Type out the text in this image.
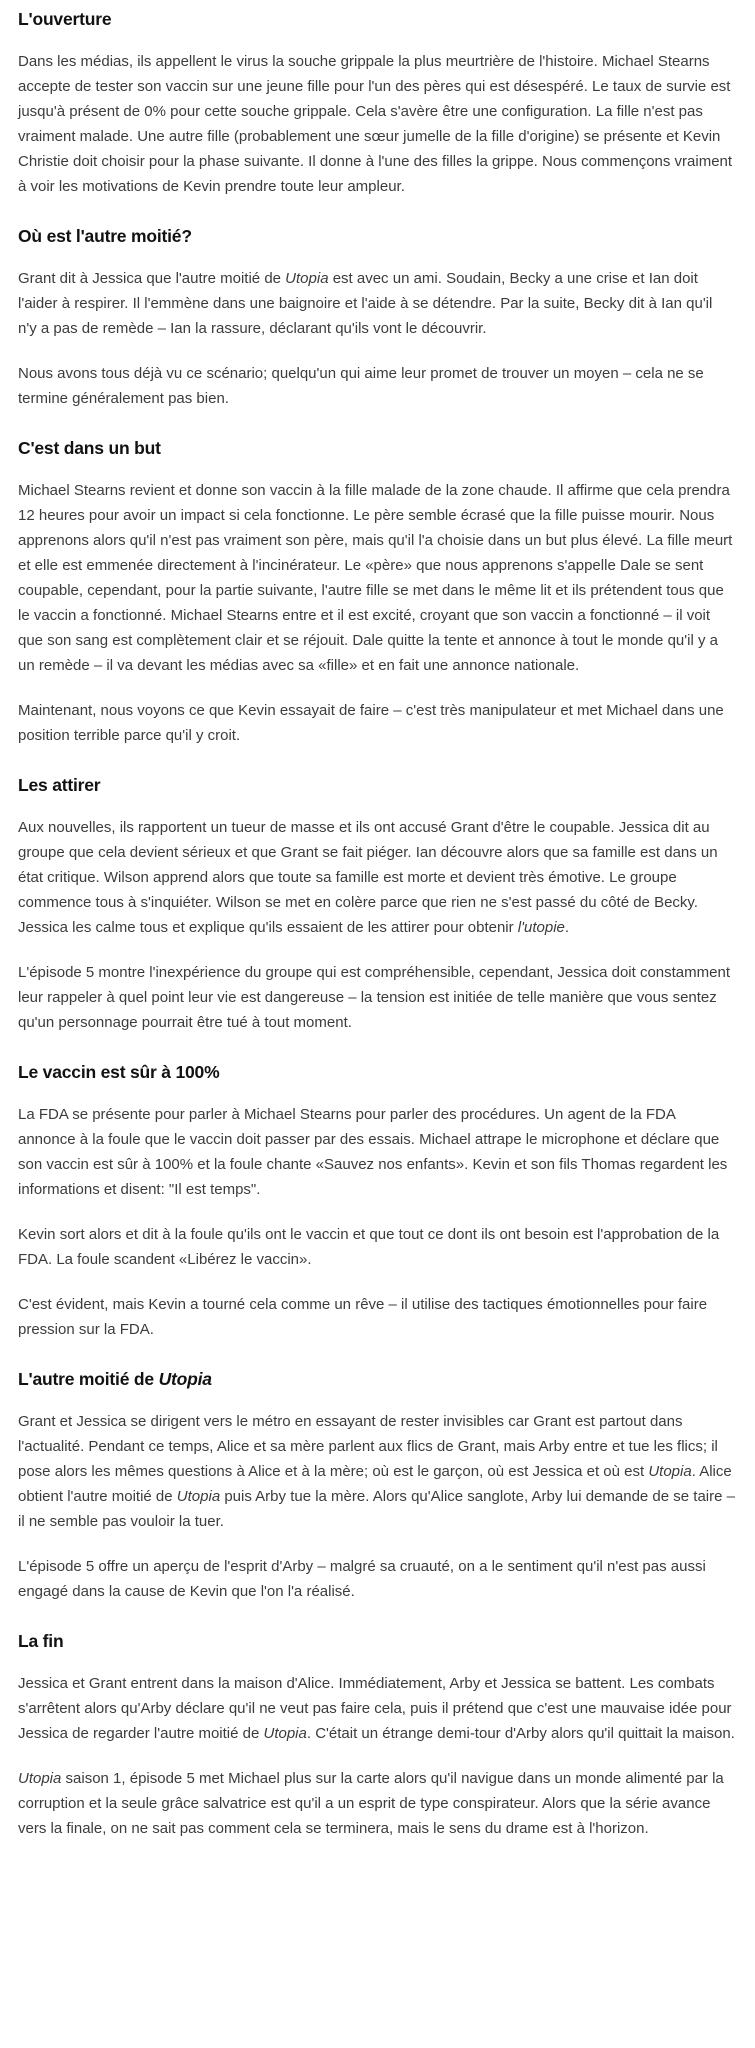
L'ouverture

Dans les médias, ils appellent le virus la souche grippale la plus meurtrière de l'histoire. Michael Stearns accepte de tester son vaccin sur une jeune fille pour l'un des pères qui est désespéré. Le taux de survie est jusqu'à présent de 0% pour cette souche grippale. Cela s'avère être une configuration. La fille n'est pas vraiment malade. Une autre fille (probablement une sœur jumelle de la fille d'origine) se présente et Kevin Christie doit choisir pour la phase suivante. Il donne à l'une des filles la grippe. Nous commençons vraiment à voir les motivations de Kevin prendre toute leur ampleur.

Où est l'autre moitié?

Grant dit à Jessica que l'autre moitié de Utopia est avec un ami. Soudain, Becky a une crise et Ian doit l'aider à respirer. Il l'emmène dans une baignoire et l'aide à se détendre. Par la suite, Becky dit à Ian qu'il n'y a pas de remède – Ian la rassure, déclarant qu'ils vont le découvrir.

Nous avons tous déjà vu ce scénario; quelqu'un qui aime leur promet de trouver un moyen – cela ne se termine généralement pas bien.

C'est dans un but

Michael Stearns revient et donne son vaccin à la fille malade de la zone chaude. Il affirme que cela prendra 12 heures pour avoir un impact si cela fonctionne. Le père semble écrasé que la fille puisse mourir. Nous apprenons alors qu'il n'est pas vraiment son père, mais qu'il l'a choisie dans un but plus élevé. La fille meurt et elle est emmenée directement à l'incinérateur. Le «père» que nous apprenons s'appelle Dale se sent coupable, cependant, pour la partie suivante, l'autre fille se met dans le même lit et ils prétendent tous que le vaccin a fonctionné. Michael Stearns entre et il est excité, croyant que son vaccin a fonctionné – il voit que son sang est complètement clair et se réjouit. Dale quitte la tente et annonce à tout le monde qu'il y a un remède – il va devant les médias avec sa «fille» et en fait une annonce nationale.

Maintenant, nous voyons ce que Kevin essayait de faire – c'est très manipulateur et met Michael dans une position terrible parce qu'il y croit.

Les attirer

Aux nouvelles, ils rapportent un tueur de masse et ils ont accusé Grant d'être le coupable. Jessica dit au groupe que cela devient sérieux et que Grant se fait piéger. Ian découvre alors que sa famille est dans un état critique. Wilson apprend alors que toute sa famille est morte et devient très émotive. Le groupe commence tous à s'inquiéter. Wilson se met en colère parce que rien ne s'est passé du côté de Becky. Jessica les calme tous et explique qu'ils essaient de les attirer pour obtenir l'utopie.

L'épisode 5 montre l'inexpérience du groupe qui est compréhensible, cependant, Jessica doit constamment leur rappeler à quel point leur vie est dangereuse – la tension est initiée de telle manière que vous sentez qu'un personnage pourrait être tué à tout moment.

Le vaccin est sûr à 100%

La FDA se présente pour parler à Michael Stearns pour parler des procédures. Un agent de la FDA annonce à la foule que le vaccin doit passer par des essais. Michael attrape le microphone et déclare que son vaccin est sûr à 100% et la foule chante «Sauvez nos enfants». Kevin et son fils Thomas regardent les informations et disent: "Il est temps".

Kevin sort alors et dit à la foule qu'ils ont le vaccin et que tout ce dont ils ont besoin est l'approbation de la FDA. La foule scandent «Libérez le vaccin».

C'est évident, mais Kevin a tourné cela comme un rêve – il utilise des tactiques émotionnelles pour faire pression sur la FDA.

L'autre moitié de Utopia

Grant et Jessica se dirigent vers le métro en essayant de rester invisibles car Grant est partout dans l'actualité. Pendant ce temps, Alice et sa mère parlent aux flics de Grant, mais Arby entre et tue les flics; il pose alors les mêmes questions à Alice et à la mère; où est le garçon, où est Jessica et où est Utopia. Alice obtient l'autre moitié de Utopia puis Arby tue la mère. Alors qu'Alice sanglote, Arby lui demande de se taire – il ne semble pas vouloir la tuer.

L'épisode 5 offre un aperçu de l'esprit d'Arby – malgré sa cruauté, on a le sentiment qu'il n'est pas aussi engagé dans la cause de Kevin que l'on l'a réalisé.

La fin

Jessica et Grant entrent dans la maison d'Alice. Immédiatement, Arby et Jessica se battent. Les combats s'arrêtent alors qu'Arby déclare qu'il ne veut pas faire cela, puis il prétend que c'est une mauvaise idée pour Jessica de regarder l'autre moitié de Utopia. C'était un étrange demi-tour d'Arby alors qu'il quittait la maison.

Utopia saison 1, épisode 5 met Michael plus sur la carte alors qu'il navigue dans un monde alimenté par la corruption et la seule grâce salvatrice est qu'il a un esprit de type conspirateur. Alors que la série avance vers la finale, on ne sait pas comment cela se terminera, mais le sens du drame est à l'horizon.
